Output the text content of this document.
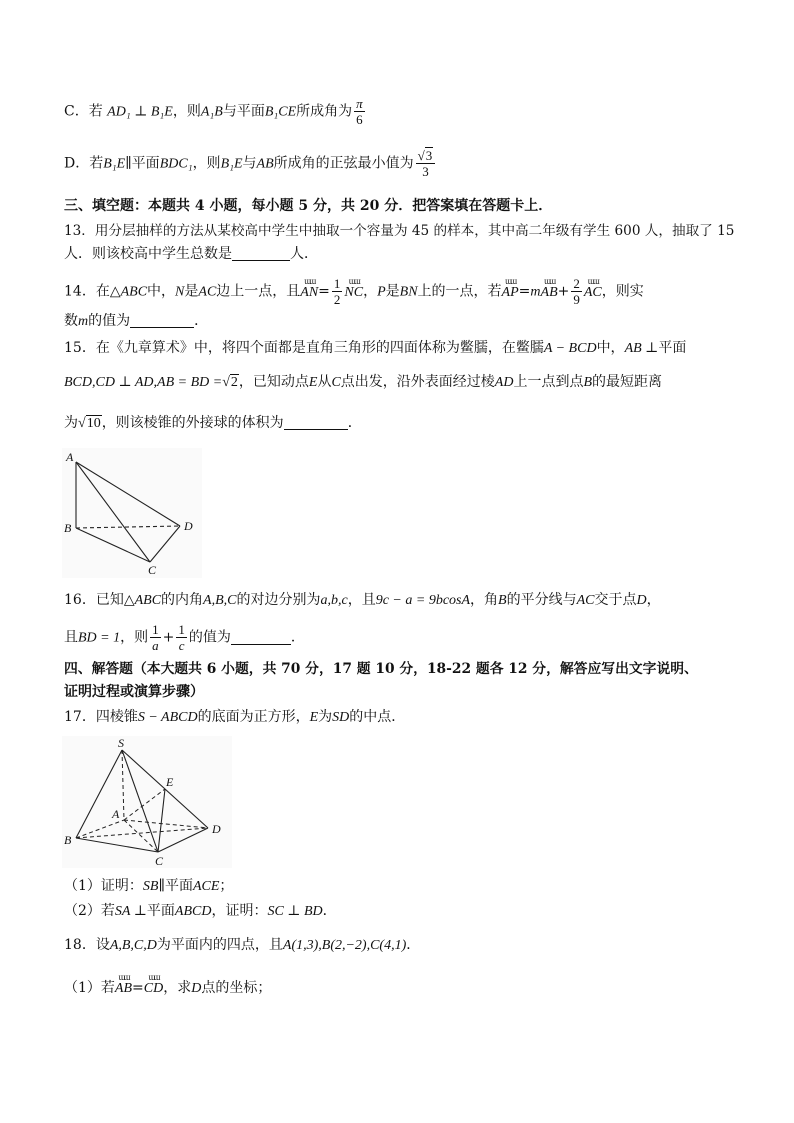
C．若 AD₁ ⊥ B₁E，则A₁B与平面B₁CE所成角为 $\frac{\pi}{6}$
D．若B₁E∥平面BDC₁，则B₁E与AB所成角的正弦最小值为 $\frac{√3}{3}$
三、填空题：本题共 4 小题，每小题 5 分，共 20 分．把答案填在答题卡上．
13．用分层抽样的方法从某校高中学生中抽取一个容量为 45 的样本，其中高二年级有学生 600 人，抽取了 15
人．则该校高中学生总数是	人．
14．在△ABC中，N是AC边上一点，且ɯɯ $AN= \frac{1}{2}$ ɯɯ NC，P是BN上的一点，若ɯɯ AP=mɯɯ $AB+ \frac{2}{9}$ ɯɯ AC，则实
数m的值为	．
15．在《九章算术》中，将四个面都是直角三角形的四面体称为鳖臑，在鳖臑A − BCD中，AB ⊥平面
BCD,CD ⊥ AD,AB = BD =√2，已知动点E从C点出发，沿外表面经过棱AD上一点到点B的最短距离
为√10，则该棱锥的外接球的体积为	．
A
B	D
C
16．已知△ABC的内角A,B,C的对边分别为a,b,c，且9c − a = 9bcosA，角B的平分线与AC交于点D，
且BD = 1，则 $\frac{1}{a} + \frac{1}{c}$ 的值为	．
四、解答题（本大题共 6 小题，共 70 分，17 题 10 分，18-22 题各 12 分，解答应写出文字说明、
证明过程或演算步骤）
17．四棱锥S − ABCD的底面为正方形，E为SD的中点．
S
E
A
B
D
C
（1）证明：SB∥平面ACE；
（2）若SA ⊥平面ABCD，证明：SC ⊥ BD．
18．设A,B,C,D为平面内的四点，且A(1,3),B(2,−2),C(4,1)．
（1）若ɯɯ AB=ɯɯ CD，求D点的坐标；
